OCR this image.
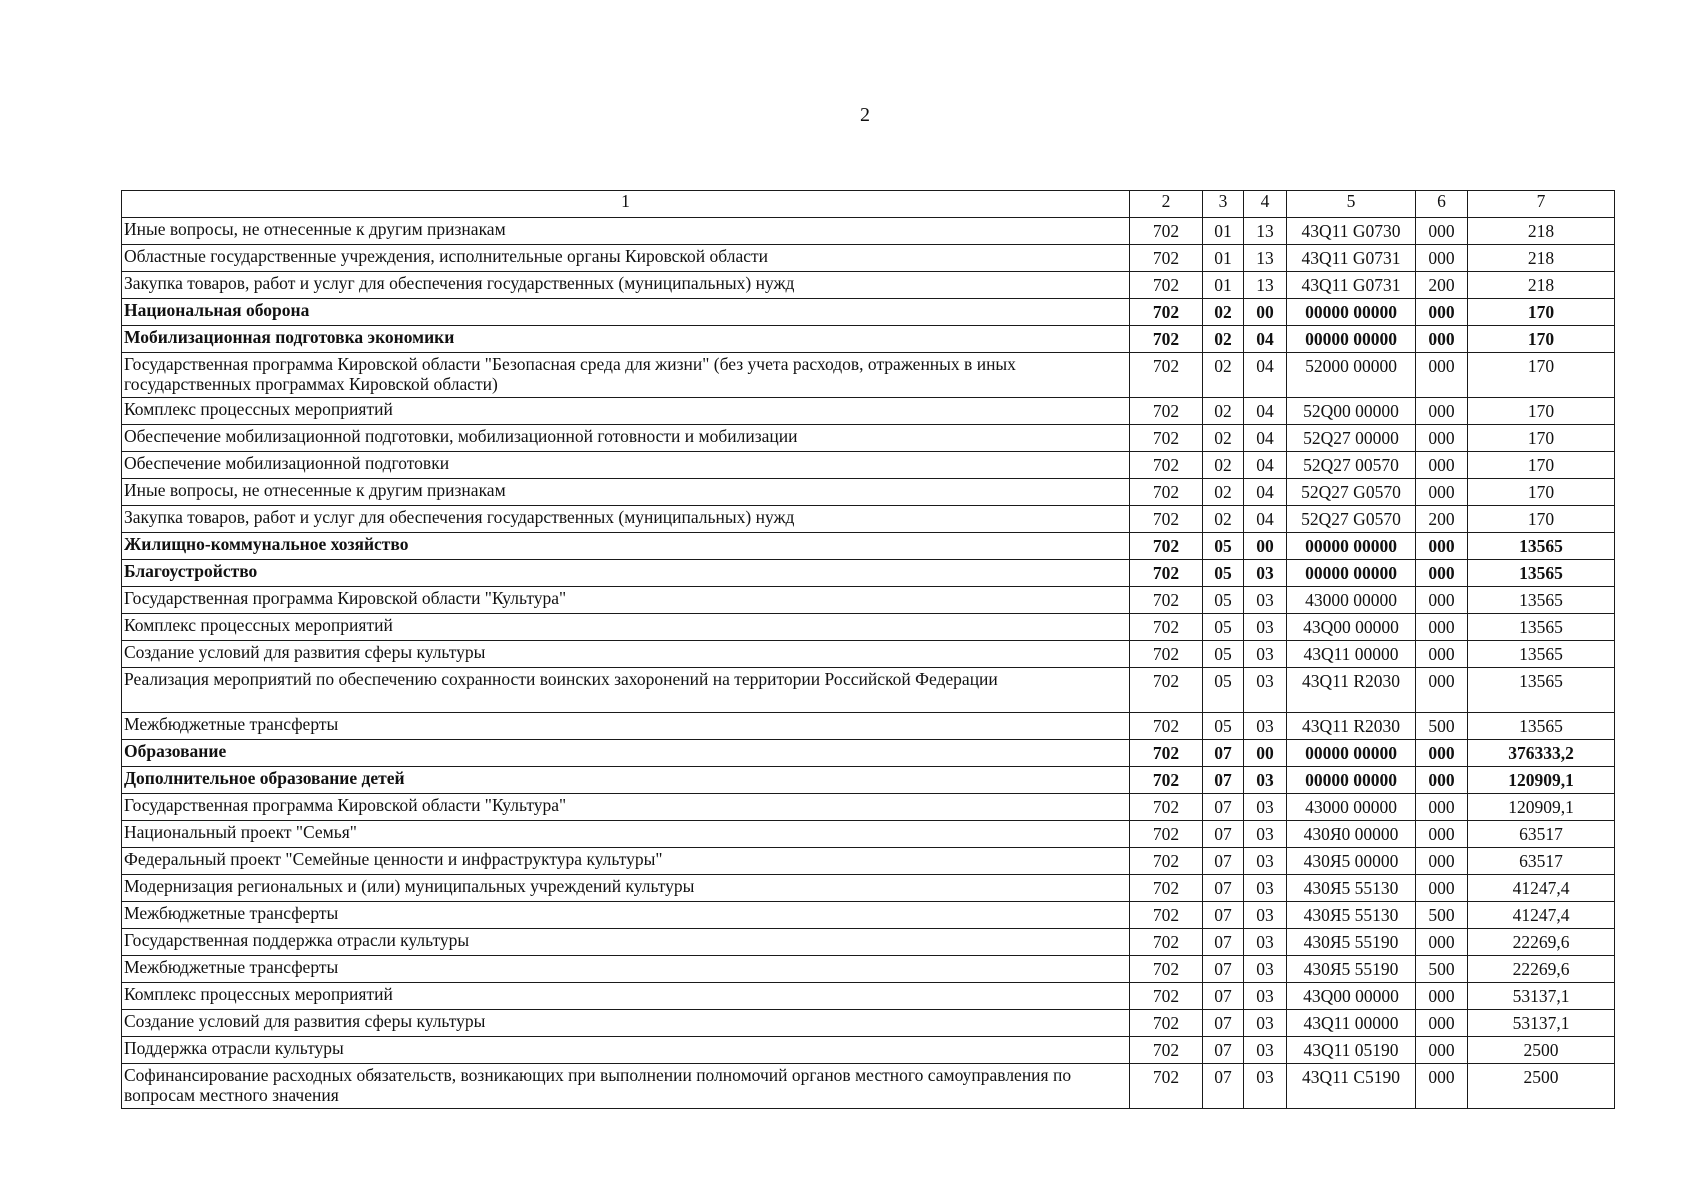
2
1	2	3	4	5	6	7
Иные вопросы, не отнесенные к другим признакам	702	01	13	43Q11 G0730	000	218
Областные государственные учреждения, исполнительные органы Кировской области	702	01	13	43Q11 G0731	000	218
Закупка товаров, работ и услуг для обеспечения государственных (муниципальных) нужд	702	01	13	43Q11 G0731	200	218
Национальная оборона	702	02	00	00000 00000	000	170
Мобилизационная подготовка экономики	702	02	04	00000 00000	000	170
Государственная программа Кировской области "Безопасная среда для жизни" (без учета расходов, отраженных в иных государственных программах Кировской области)	702	02	04	52000 00000	000	170
Комплекс процессных мероприятий	702	02	04	52Q00 00000	000	170
Обеспечение мобилизационной подготовки, мобилизационной готовности и мобилизации	702	02	04	52Q27 00000	000	170
Обеспечение мобилизационной подготовки	702	02	04	52Q27 00570	000	170
Иные вопросы, не отнесенные к другим признакам	702	02	04	52Q27 G0570	000	170
Закупка товаров, работ и услуг для обеспечения государственных (муниципальных) нужд	702	02	04	52Q27 G0570	200	170
Жилищно-коммунальное хозяйство	702	05	00	00000 00000	000	13565
Благоустройство	702	05	03	00000 00000	000	13565
Государственная программа Кировской области "Культура"	702	05	03	43000 00000	000	13565
Комплекс процессных мероприятий	702	05	03	43Q00 00000	000	13565
Создание условий для развития сферы культуры	702	05	03	43Q11 00000	000	13565
Реализация мероприятий по обеспечению сохранности воинских захоронений на территории Российской Федерации	702	05	03	43Q11 R2030	000	13565
Межбюджетные трансферты	702	05	03	43Q11 R2030	500	13565
Образование	702	07	00	00000 00000	000	376333,2
Дополнительное образование детей	702	07	03	00000 00000	000	120909,1
Государственная программа Кировской области "Культура"	702	07	03	43000 00000	000	120909,1
Национальный проект "Семья"	702	07	03	430Я0 00000	000	63517
Федеральный проект "Семейные ценности и инфраструктура культуры"	702	07	03	430Я5 00000	000	63517
Модернизация региональных и (или) муниципальных учреждений культуры	702	07	03	430Я5 55130	000	41247,4
Межбюджетные трансферты	702	07	03	430Я5 55130	500	41247,4
Государственная поддержка отрасли культуры	702	07	03	430Я5 55190	000	22269,6
Межбюджетные трансферты	702	07	03	430Я5 55190	500	22269,6
Комплекс процессных мероприятий	702	07	03	43Q00 00000	000	53137,1
Создание условий для развития сферы культуры	702	07	03	43Q11 00000	000	53137,1
Поддержка отрасли культуры	702	07	03	43Q11 05190	000	2500
Софинансирование расходных обязательств, возникающих при выполнении полномочий органов местного самоуправления по вопросам местного значения	702	07	03	43Q11 C5190	000	2500
